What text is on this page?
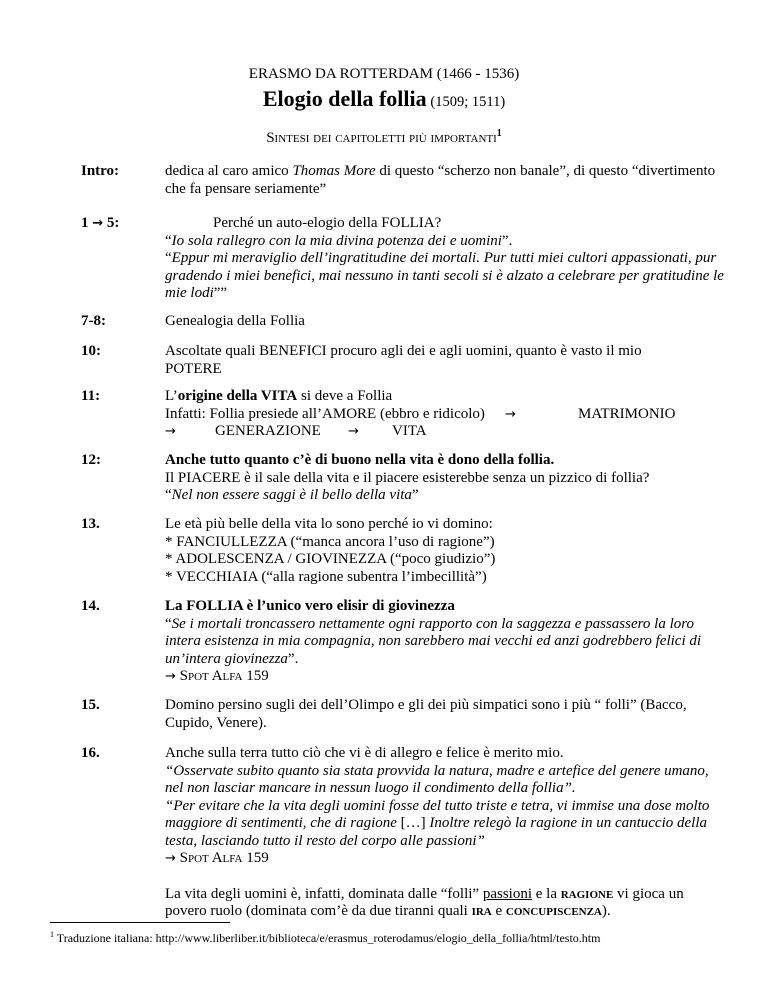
ERASMO DA ROTTERDAM (1466 - 1536)
Elogio della follia (1509; 1511)
Sintesi dei capitoletti più importanti$^1$
Intro:	dedica al caro amico Thomas More di questo “scherzo non banale”, di questo “divertimento che fa pensare seriamente”
1 → 5:	Perché un auto-elogio della FOLLIA?

“Io sola rallegro con la mia divina potenza dei e uomini”.

“Eppur mi meraviglio dell’ingratitudine dei mortali. Pur tutti miei cultori appassionati, pur gradendo i miei benefici, mai nessuno in tanti secoli si è alzato a celebrare per gratitudine le mie lodi””

7-8:	Genealogia della Follia
10:	Ascoltate quali BENEFICI procuro agli dei e agli uomini, quanto è vasto il mio POTERE
11:	L’origine della VITA si deve a Follia

Infatti: Follia presiede all’AMORE (ebbro e ridicolo) →	MATRIMONIO

→	GENERAZIONE → VITA

12:	Anche tutto quanto c’è di buono nella vita è dono della follia.

Il PIACERE è il sale della vita e il piacere esisterebbe senza un pizzico di follia?

“Nel non essere saggi è il bello della vita”

13.	Le età più belle della vita lo sono perché io vi domino:

* FANCIULLEZZA (“manca ancora l’uso di ragione”)

* ADOLESCENZA / GIOVINEZZA (“poco giudizio”)

* VECCHIAIA (“alla ragione subentra l’imbecillità”)

14.	La FOLLIA è l’unico vero elisir di giovinezza

“Se i mortali troncassero nettamente ogni rapporto con la saggezza e passassero la loro intera esistenza in mia compagnia, non sarebbero mai vecchi ed anzi godrebbero felici di un’intera giovinezza”.

→ Spot Alfa 159

15.	Domino persino sugli dei dell’Olimpo e gli dei più simpatici sono i più “ folli” (Bacco, Cupido, Venere).
16.	Anche sulla terra tutto ciò che vi è di allegro e felice è merito mio.

“Osservate subito quanto sia stata provvida la natura, madre e artefice del genere umano, nel non lasciar mancare in nessun luogo il condimento della follia”.

“Per evitare che la vita degli uomini fosse del tutto triste e tetra, vi immise una dose molto maggiore di sentimenti, che di ragione […] Inoltre relegò la ragione in un cantuccio della testa, lasciando tutto il resto del corpo alle passioni”

→ Spot Alfa 159

La vita degli uomini è, infatti, dominata dalle “folli” passioni e la ragione vi gioca un povero ruolo (dominata com’è da due tiranni quali ira e concupiscenza).

$^1$ Traduzione italiana: http://www.liberliber.it/biblioteca/e/erasmus_roterodamus/elogio_della_follia/html/testo.htm
